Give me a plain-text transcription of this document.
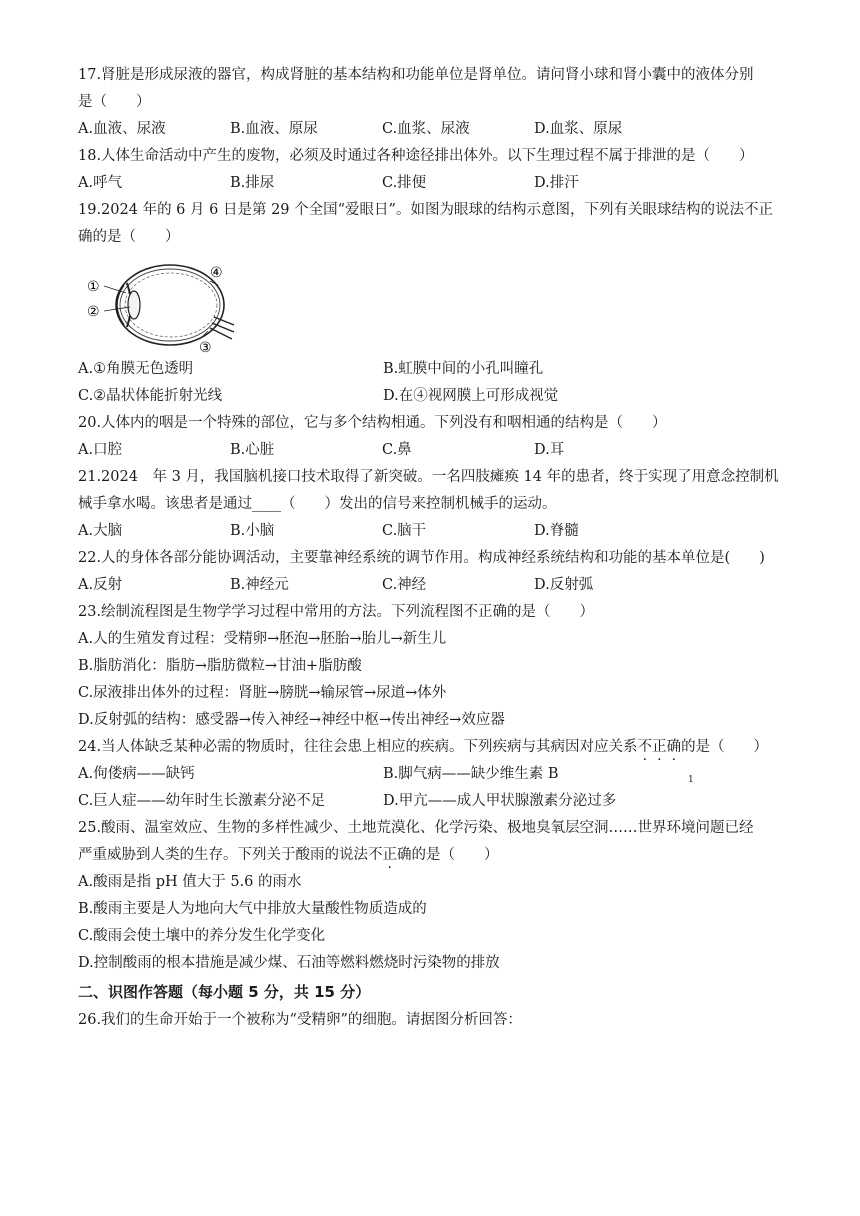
17.肾脏是形成尿液的器官，构成肾脏的基本结构和功能单位是肾单位。请问肾小球和肾小囊中的液体分别
是（　　）
A.血液、尿液	B.血液、原尿	C.血浆、尿液	D.血浆、原尿
18.人体生命活动中产生的废物，必须及时通过各种途径排出体外。以下生理过程不属于排泄的是（　　）
A.呼气	B.排尿	C.排便	D.排汗
19.2024 年的 6 月 6 日是第 29 个全国“爱眼日”。如图为眼球的结构示意图，下列有关眼球结构的说法不正
确的是（　　）
①
②
③
④
A.①角膜无色透明	B.虹膜中间的小孔叫瞳孔
C.②晶状体能折射光线	D.在④视网膜上可形成视觉
20.人体内的咽是一个特殊的部位，它与多个结构相通。下列没有和咽相通的结构是（　　）
A.口腔	B.心脏	C.鼻	D.耳
21.2024　年 3 月，我国脑机接口技术取得了新突破。一名四肢瘫痪 14 年的患者，终于实现了用意念控制机
械手拿水喝。该患者是通过____（　　）发出的信号来控制机械手的运动。
A.大脑	B.小脑	C.脑干	D.脊髓
22.人的身体各部分能协调活动，主要靠神经系统的调节作用。构成神经系统结构和功能的基本单位是(　　)
A.反射	B.神经元	C.神经	D.反射弧
23.绘制流程图是生物学学习过程中常用的方法。下列流程图不正确的是（　　）
A.人的生殖发育过程：受精卵→胚泡→胚胎→胎儿→新生儿
B.脂肪消化：脂肪→脂肪微粒→甘油+脂肪酸
C.尿液排出体外的过程：肾脏→膀胱→输尿管→尿道→体外
D.反射弧的结构：感受器→传入神经→神经中枢→传出神经→效应器
24.当人体缺乏某种必需的物质时，往往会患上相应的疾病。下列疾病与其病因对应关系不正确的是（　　）
A.佝偻病——缺钙	B.脚气病——缺少维生素 B	$_1$
C.巨人症——幼年时生长激素分泌不足	D.甲亢——成人甲状腺激素分泌过多
25.酸雨、温室效应、生物的多样性减少、土地荒漠化、化学污染、极地臭氧层空洞……世界环境问题已经
严重威胁到人类的生存。下列关于酸雨的说法不正确的是（　　）
A.酸雨是指 pH 值大于 5.6 的雨水
B.酸雨主要是人为地向大气中排放大量酸性物质造成的
C.酸雨会使土壤中的养分发生化学变化
D.控制酸雨的根本措施是减少煤、石油等燃料燃烧时污染物的排放
二、识图作答题（每小题 5 分，共 15 分）
26.我们的生命开始于一个被称为“受精卵”的细胞。请据图分析回答：
